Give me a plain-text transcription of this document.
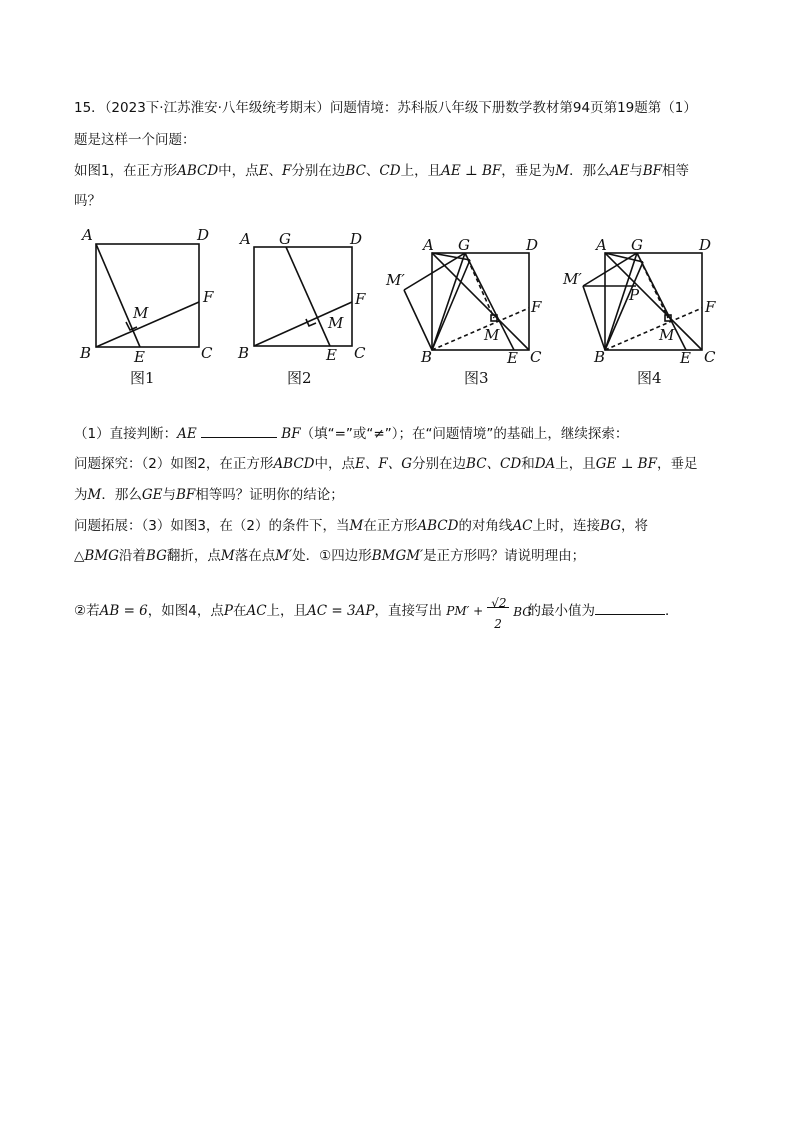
15．（2023下·江苏淮安·八年级统考期末）问题情境：苏科版八年级下册数学教材第94页第19题第（1）
题是这样一个问题：
如图1，在正方形ABCD中，点E、F分别在边BC、CD上，且AE ⊥ BF，垂足为M．那么AE与BF相等
吗？
A	D
B	C
E
F
M
图1
A G	D
B	E C
F
M
图2
A G	D
M′
F
B
M
E C
图3
A G	D
M′
P
F
B
M
E C
图4
（1）直接判断：AE	BF（填“=”或“≠”）；在“问题情境”的基础上，继续探索：
问题探究：（2）如图2，在正方形ABCD中，点E、F、G分别在边BC、CD和DA上，且GE ⊥ BF，垂足
为M．那么GE与BF相等吗？证明你的结论；
问题拓展：（3）如图3，在（2）的条件下，当M在正方形ABCD的对角线AC上时，连接BG，将
△BMG沿着BG翻折，点M落在点M′处．①四边形BMGM′是正方形吗？请说明理由；
②若AB = 6，如图4，点P在AC上，且AC = 3AP，直接写出 PM′ +
√2
2
BG
的最小值为	．
